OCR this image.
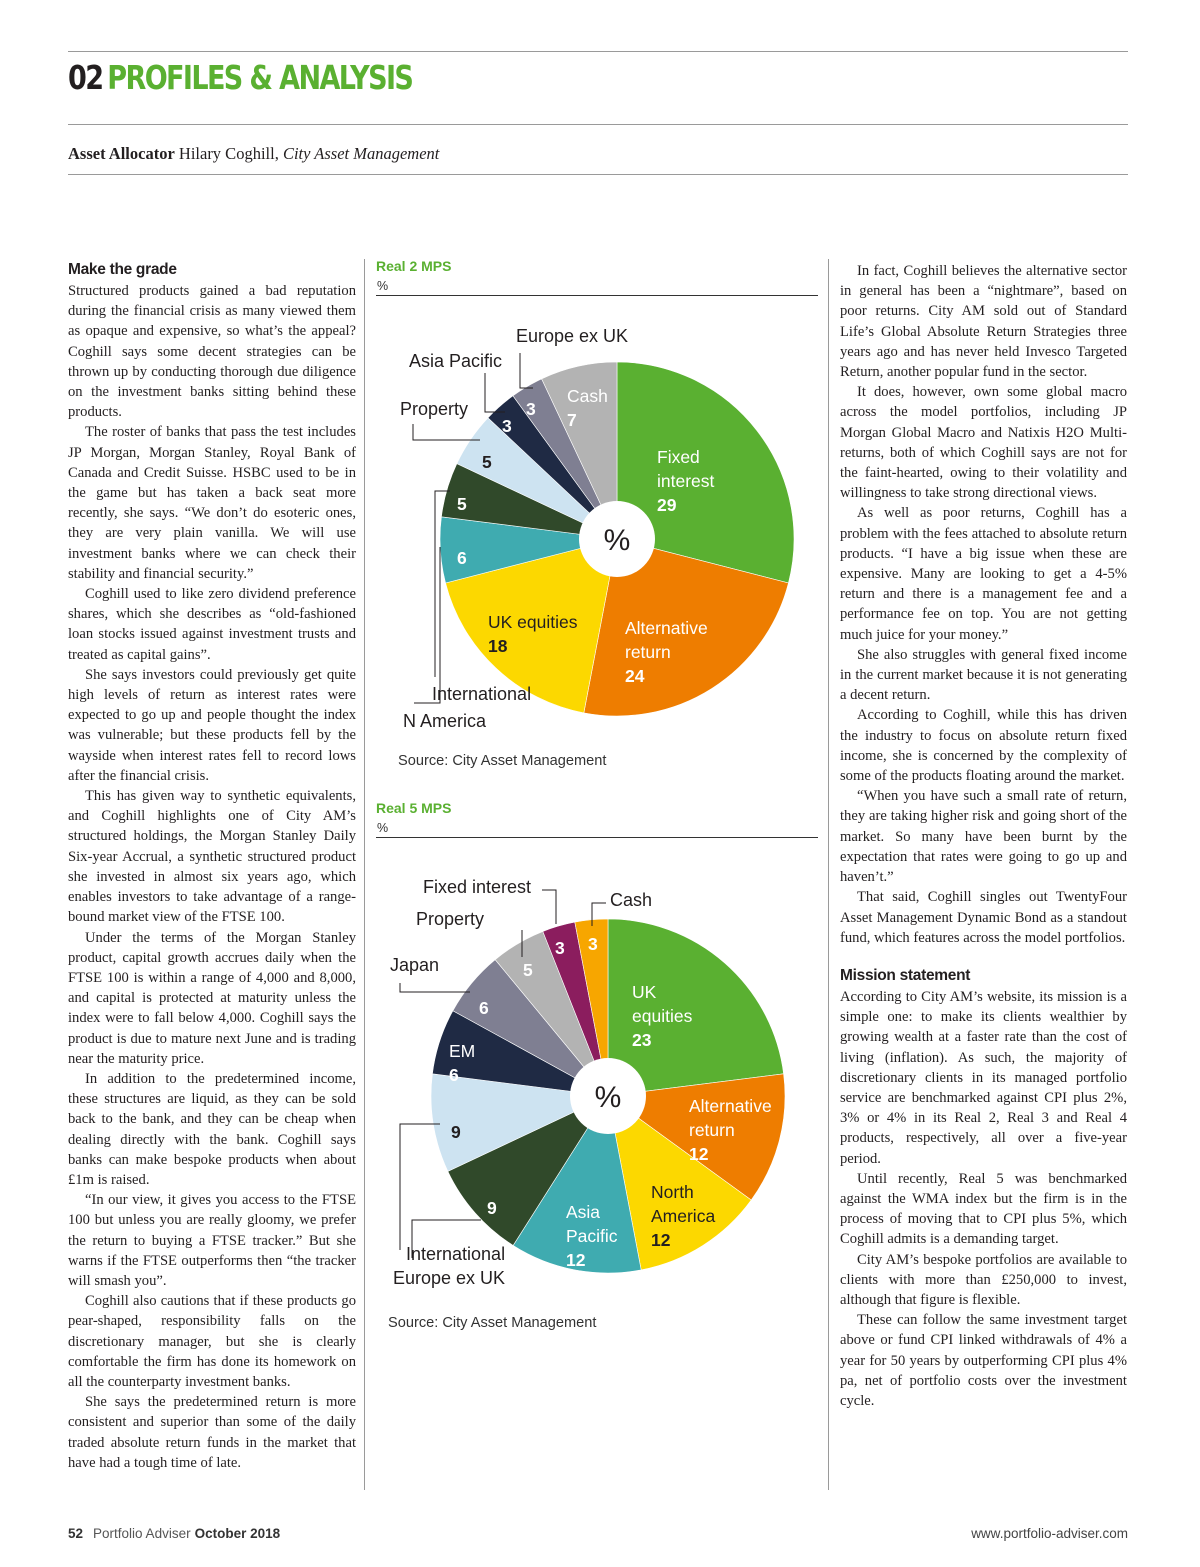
02 PROFILES & ANALYSIS
Asset Allocator Hilary Coghill, City Asset Management
Make the grade

Structured products gained a bad reputation during the financial crisis as many viewed them as opaque and expensive, so what’s the appeal? Coghill says some decent strategies can be thrown up by conducting thorough due diligence on the investment banks sitting behind these products.

The roster of banks that pass the test includes JP Morgan, Morgan Stanley, Royal Bank of Canada and Credit Suisse. HSBC used to be in the game but has taken a back seat more recently, she says. “We don’t do esoteric ones, they are very plain vanilla. We will use investment banks where we can check their stability and financial security.”

Coghill used to like zero dividend preference shares, which she describes as “old-fashioned loan stocks issued against investment trusts and treated as capital gains”.

She says investors could previously get quite high levels of return as interest rates were expected to go up and people thought the index was vulnerable; but these products fell by the wayside when interest rates fell to record lows after the financial crisis.

This has given way to synthetic equivalents, and Coghill highlights one of City AM’s structured holdings, the Morgan Stanley Daily Six-year Accrual, a synthetic structured product she invested in almost six years ago, which enables investors to take advantage of a range-bound market view of the FTSE 100.

Under the terms of the Morgan Stanley product, capital growth accrues daily when the FTSE 100 is within a range of 4,000 and 8,000, and capital is protected at maturity unless the index were to fall below 4,000. Coghill says the product is due to mature next June and is trading near the maturity price.

In addition to the predetermined income, these structures are liquid, as they can be sold back to the bank, and they can be cheap when dealing directly with the bank. Coghill says banks can make bespoke products when about £1m is raised.

“In our view, it gives you access to the FTSE 100 but unless you are really gloomy, we prefer the return to buying a FTSE tracker.” But she warns if the FTSE outperforms then “the tracker will smash you”.

Coghill also cautions that if these products go pear-shaped, responsibility falls on the discretionary manager, but she is clearly comfortable the firm has done its homework on all the counterparty investment banks.

She says the predetermined return is more consistent and superior than some of the daily traded absolute return funds in the market that have had a tough time of late.

Real 2 MPS
%
%
Fixed
interest
29
Alternative
return
24
UK equities
18
6
N America
5
International
5
Property
3
Asia Pacific
3
Europe ex UK
Cash
7
Source: City Asset Management
Real 5 MPS
%
%
UK
equities
23
Alternative
return
12
North
America
12
Asia
Pacific
12
9
Europe ex UK
9
International
EM
6
6
Japan	5
Property
3
Fixed interest
3
Cash
Source: City Asset Management

In fact, Coghill believes the alternative sector in general has been a “nightmare”, based on poor returns. City AM sold out of Standard Life’s Global Absolute Return Strategies three years ago and has never held Invesco Targeted Return, another popular fund in the sector.

It does, however, own some global macro across the model portfolios, including JP Morgan Global Macro and Natixis H2O Multi-returns, both of which Coghill says are not for the faint-hearted, owing to their volatility and willingness to take strong directional views.

As well as poor returns, Coghill has a problem with the fees attached to absolute return products. “I have a big issue when these are expensive. Many are looking to get a 4-5% return and there is a management fee and a performance fee on top. You are not getting much juice for your money.”

She also struggles with general fixed income in the current market because it is not generating a decent return.

According to Coghill, while this has driven the industry to focus on absolute return fixed income, she is concerned by the complexity of some of the products floating around the market.

“When you have such a small rate of return, they are taking higher risk and going short of the market. So many have been burnt by the expectation that rates were going to go up and haven’t.”

That said, Coghill singles out TwentyFour Asset Management Dynamic Bond as a standout fund, which features across the model portfolios.

Mission statement

According to City AM’s website, its mission is a simple one: to make its clients wealthier by growing wealth at a faster rate than the cost of living (inflation). As such, the majority of discretionary clients in its managed portfolio service are benchmarked against CPI plus 2%, 3% or 4% in its Real 2, Real 3 and Real 4 products, respectively, all over a five-year period.

Until recently, Real 5 was benchmarked against the WMA index but the firm is in the process of moving that to CPI plus 5%, which Coghill admits is a demanding target.

City AM’s bespoke portfolios are available to clients with more than £250,000 to invest, although that figure is flexible.

These can follow the same investment target above or fund CPI linked withdrawals of 4% a year for 50 years by outperforming CPI plus 4% pa, net of portfolio costs over the investment cycle.

52 Portfolio Adviser October 2018	www.portfolio-adviser.com
